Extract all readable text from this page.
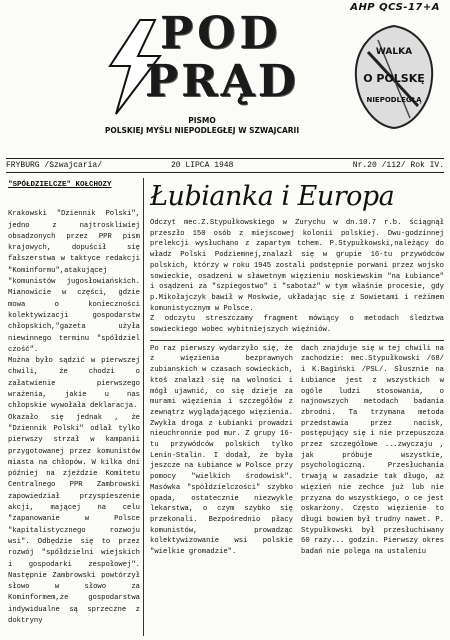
AHP QCS-17+A
POD
PRĄD
PISMO
POLSKIEJ MYŚLI NIEPODLEGŁEJ W SZWAJCARII
WALKA
O POLSKĘ
NIEPODLEGŁĄ
FRYBURG /Szwajcaria/	20 LIPCA 1948	Nr.20 /112/ Rok IV.
"SPÓŁDZIELCZE" KOŁCHOZY

Krakowski "Dziennik Polski", jedno z najtroskliwiej obsadzonych przez PPR pism krajowych, dopuścił się fałszerstwa w taktyce redakcji "Kominformu",atakującej "komunistów jugosłowiańskich. Mianowicie w części, gdzie mowa o konieczności kolektywizacji gospodarstw chłopskich,"gazeta użyła niewinnego terminu "spółdziel czość".

Można było sądzić w pierwszej chwili, że chodzi o załatwienie pierwszego wrażenia, jakie u nas chłopskie wywołała deklaracja.

Okazało się jednak , że "Dziennik Polski" odlał tylko pierwszy strzał w kampanii przygotowanej przez komunistów miasta na chłopów. W kilka dni później na zjeździe Komitetu Centralnego PPR Zambrowski zapowiedział przyspieszenie akcji, mającej na celu "zapanowanie w Polsce "kapitalistycznego rozwoju wsi". Odbędzie się to przez rozwój "spółdzielni wiejskich i gospodarki zespołowej". Następnie Zambrowski powtórzył słowo w słowo za Kominformem,że gospodarstwa indywidualne są sprzeczne z doktryny

Łubianka i Europa

Odczyt mec.Z.Stypułkowskiego w Zurychu w dn.10.7 r.b. ściągnął przeszło 150 osób z miejscowej kolonii polskiej. Dwu-godzinnej prelekcji wysłuchano z zapartym tchem. P.Stypułkowski,należący do władz Polski Podziemnej,znalazł się w grupie 16-tu przywódców polskich, którzy w roku 1945 zostali podstępnie porwani przez wojsko sowieckie, osadzeni w sławetnym więzieniu moskiewskim "na Łubiance" i osądzeni za "szpiegostwo" i "sabotaż" w tym właśnie procesie, gdy p.Mikołajczyk bawił w Moskwie, układając się z Sowietami i reżimem komunistycznym w Polsce.

Z odczytu streszczamy fragment mówiący o metodach śledztwa sowieckiego wobec wybitniejszych więźniów.

Po raz pierwszy wydarzyło się, że z więzienia bezprawnych zubianskich w czasach sowieckich, ktoś znalazł się na wolności i mógł ujawnić, co się dzieje za murami więzienia i szczegółów z zewnątrz wyglądającego więzienia. Zwykła droga z Łubianki prowadzi nieuchronnie pod mur. Z grupy 16-tu przywódców polskich tylko Lenin-Stalin. I dodał, że była jeszcze na Łubiance w Polsce przy pomocy "wielkich środowisk". Masówka "spółdzielczości" szybko opada, ostatecznie niezwykle lekarstwa, o czym szybko się przekonali. Bezpośrednio płacy komunistów, prowadząc kolektywizowanie wsi polskie "wielkie gromadzie".

dach znajduje się w tej chwili na zachodzie: mec.Stypułkowski /68/ i K.Bagiński /PSL/. Słusznie na Łubiance jest z wszystkich w ogóle ludzi stosowania, o najnowszych metodach badania zbrodni. Ta trzymana metoda przedstawia przez nacisk, postępujący się i nie przepuszcza przez szczegółowe ...zwyczaju , jak próbuje wszystkie, psychologiczną. Przesłuchania trwają w zasadzie tak długo, aż więzień nie zechce już lub nie przyzna do wszystkiego, o ce jest oskarżony. Często więzienie to długi bowiem był trudny nawet. P. Stypułkowski był przesłuchiwany 60 razy... godzin. Pierwszy okres badań nie polega na ustaleniu
